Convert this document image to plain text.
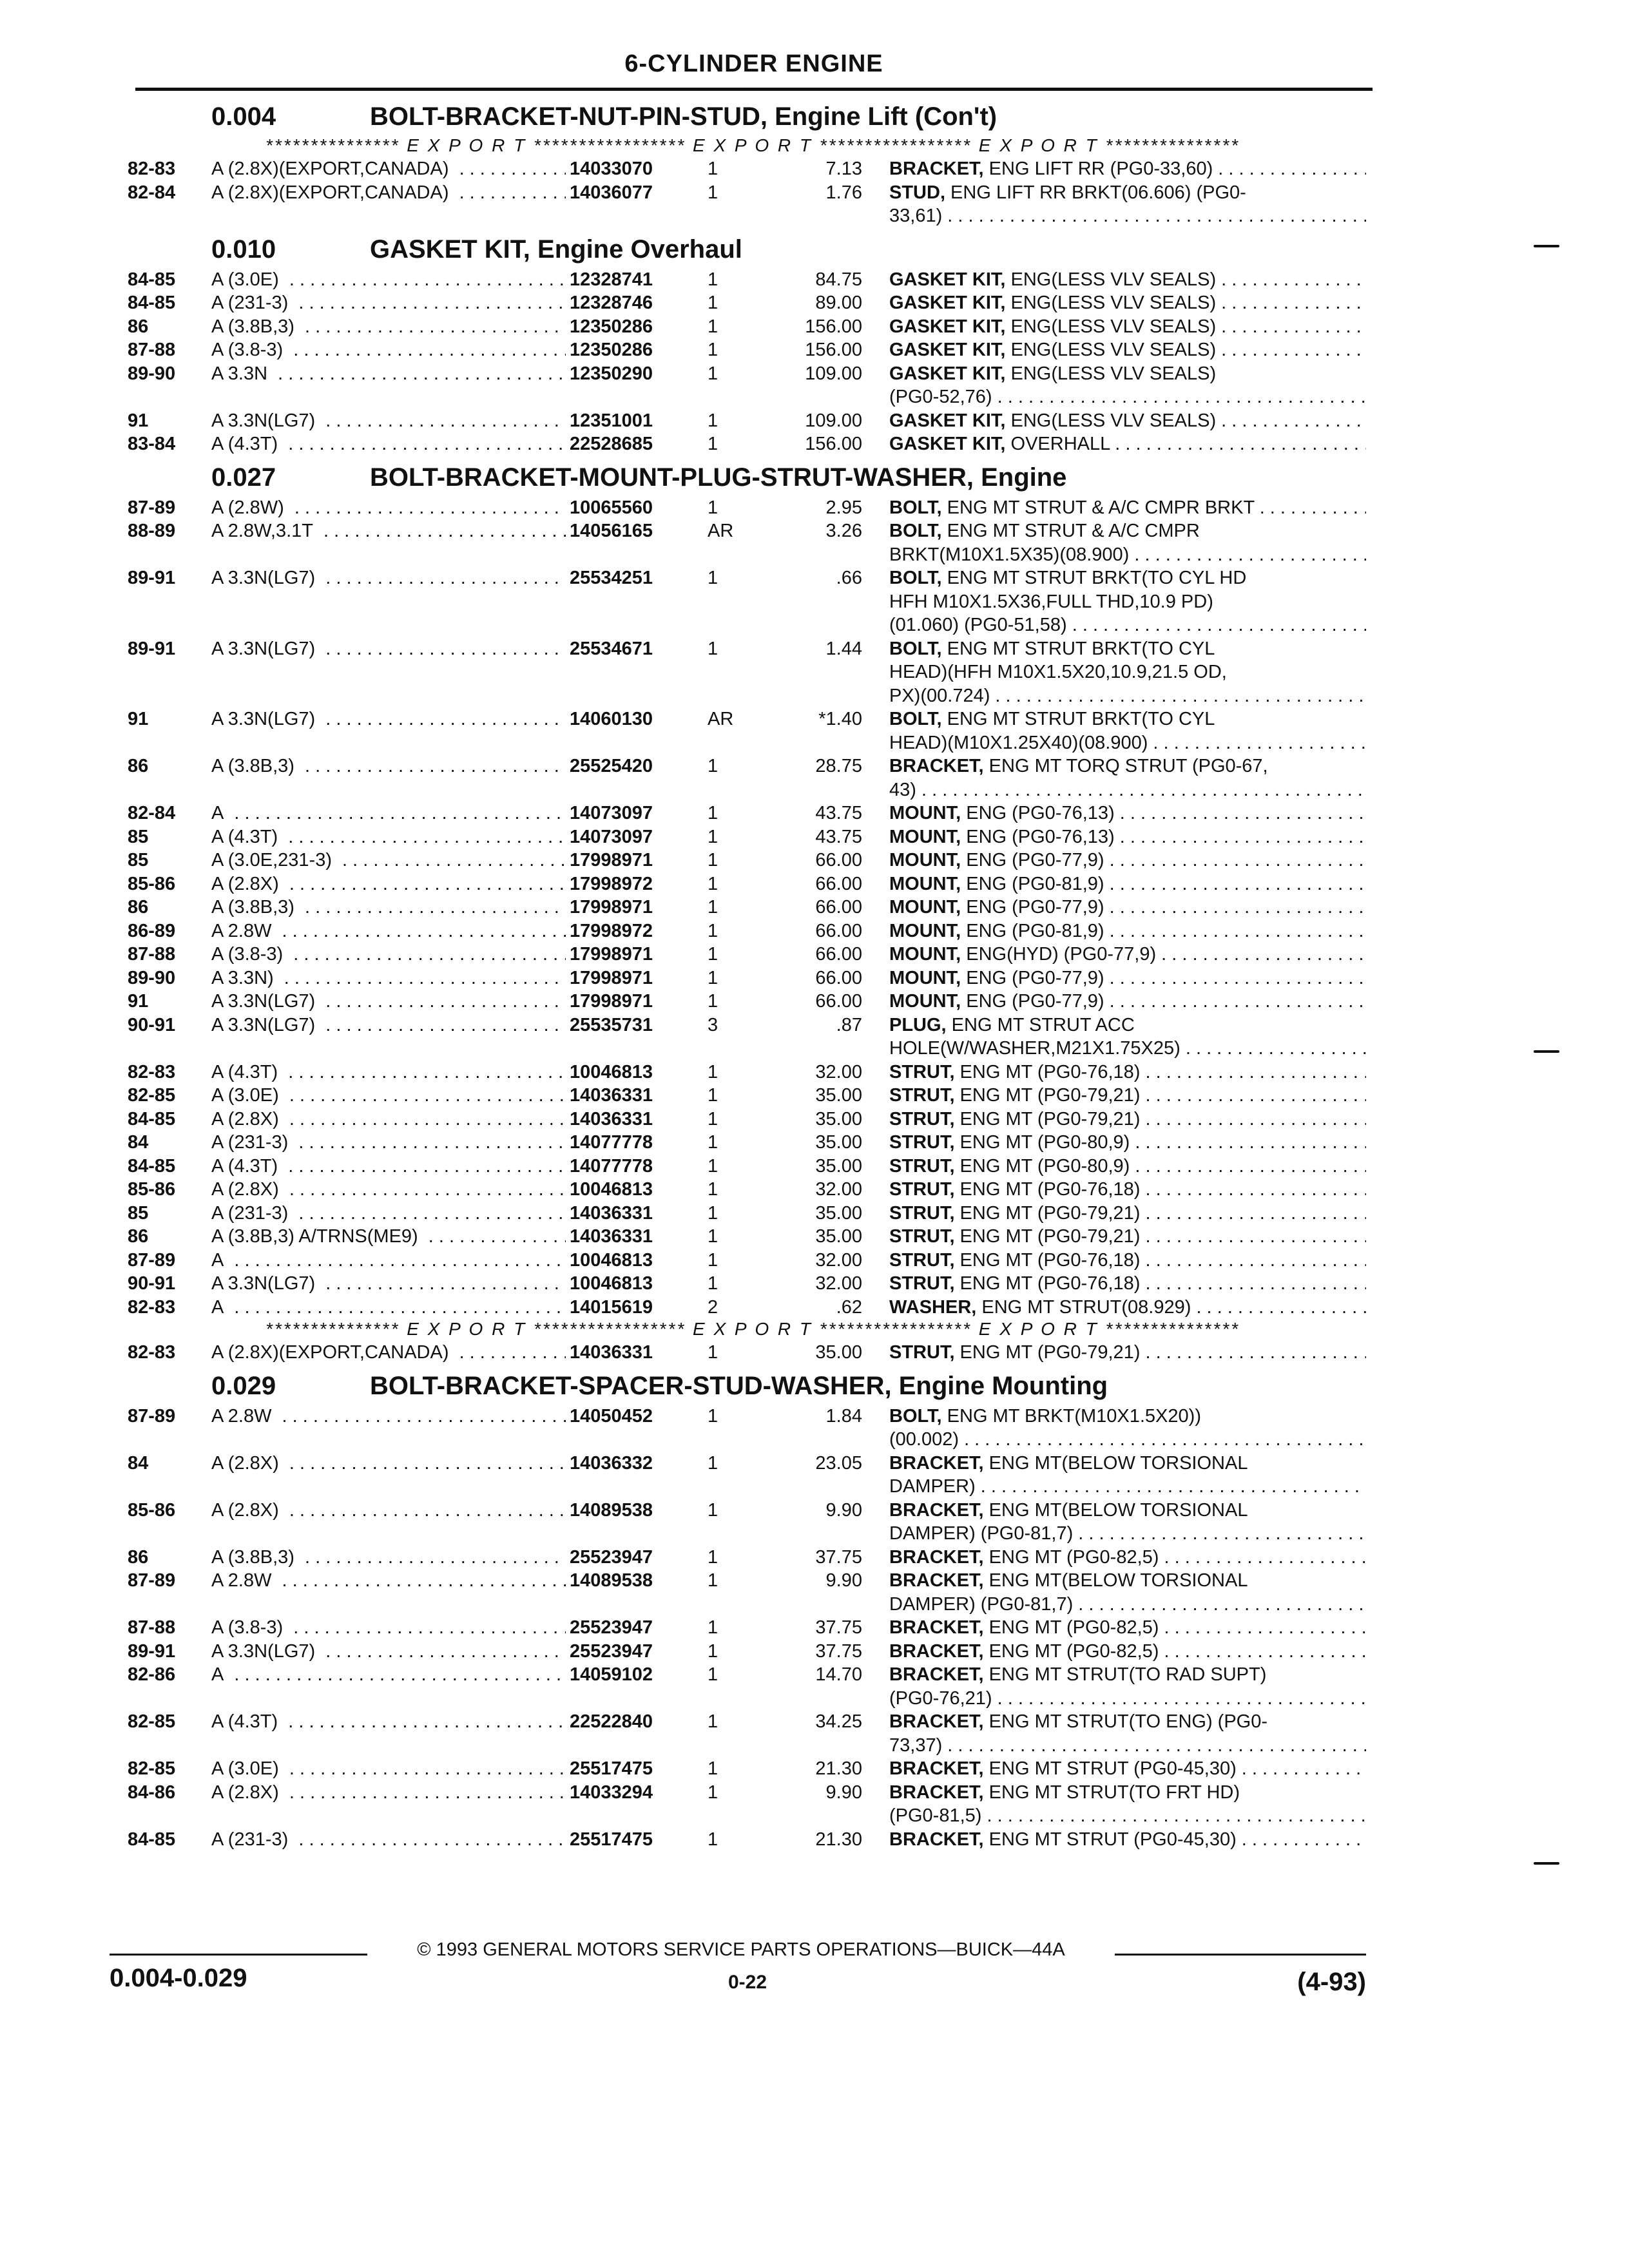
6-CYLINDER ENGINE
0.004	BOLT-BRACKET-NUT-PIN-STUD, Engine Lift (Con't)
*************** E X P O R T ***************** E X P O R T ***************** E X P O R T ***************
82-83 A (2.8X)(EXPORT,CANADA) . . .	14033070	1	7.13 BRACKET, ENG LIFT RR (PG0-33,60) . . .
82-84 A (2.8X)(EXPORT,CANADA) . . .	14036077	1	1.76 STUD, ENG LIFT RR BRKT(06.606) (PG0-
33,61) . . .
0.010	GASKET KIT, Engine Overhaul
84-85 A (3.0E) . . .	12328741	1	84.75 GASKET KIT, ENG(LESS VLV SEALS) . . .
84-85 A (231-3) . . .	12328746	1	89.00 GASKET KIT, ENG(LESS VLV SEALS) . . .
86	A (3.8B,3) . . .	12350286	1	156.00 GASKET KIT, ENG(LESS VLV SEALS) . . .
87-88 A (3.8-3) . . .	12350286	1	156.00 GASKET KIT, ENG(LESS VLV SEALS) . . .
89-90 A 3.3N . . .	12350290	1	109.00 GASKET KIT, ENG(LESS VLV SEALS)
(PG0-52,76) . . .
91	A 3.3N(LG7) . . .	12351001	1	109.00 GASKET KIT, ENG(LESS VLV SEALS) . . .
83-84 A (4.3T) . . .	22528685	1	156.00 GASKET KIT, OVERHALL . . .
0.027	BOLT-BRACKET-MOUNT-PLUG-STRUT-WASHER, Engine
87-89 A (2.8W) . . .	10065560	1	2.95 BOLT, ENG MT STRUT & A/C CMPR BRKT . . .
88-89 A 2.8W,3.1T . . .	14056165	AR	3.26 BOLT, ENG MT STRUT & A/C CMPR
BRKT(M10X1.5X35)(08.900) . . .
89-91 A 3.3N(LG7) . . .	25534251	1	.66 BOLT, ENG MT STRUT BRKT(TO CYL HD
HFH M10X1.5X36,FULL THD,10.9 PD)
(01.060) (PG0-51,58) . . .
89-91 A 3.3N(LG7) . . .	25534671	1	1.44 BOLT, ENG MT STRUT BRKT(TO CYL
HEAD)(HFH M10X1.5X20,10.9,21.5 OD,
PX)(00.724) . . .
91	A 3.3N(LG7) . . .	14060130	AR	*1.40 BOLT, ENG MT STRUT BRKT(TO CYL
HEAD)(M10X1.25X40)(08.900) . . .
86	A (3.8B,3) . . .	25525420	1	28.75 BRACKET, ENG MT TORQ STRUT (PG0-67,
43) . . .
82-84 A . . .	14073097	1	43.75 MOUNT, ENG (PG0-76,13) . . .
85	A (4.3T) . . .	14073097	1	43.75 MOUNT, ENG (PG0-76,13) . . .
85	A (3.0E,231-3) . . .	17998971	1	66.00 MOUNT, ENG (PG0-77,9) . . .
85-86 A (2.8X) . . .	17998972	1	66.00 MOUNT, ENG (PG0-81,9) . . .
86	A (3.8B,3) . . .	17998971	1	66.00 MOUNT, ENG (PG0-77,9) . . .
86-89 A 2.8W . . .	17998972	1	66.00 MOUNT, ENG (PG0-81,9) . . .
87-88 A (3.8-3) . . .	17998971	1	66.00 MOUNT, ENG(HYD) (PG0-77,9) . . .
89-90 A 3.3N) . . .	17998971	1	66.00 MOUNT, ENG (PG0-77,9) . . .
91	A 3.3N(LG7) . . .	17998971	1	66.00 MOUNT, ENG (PG0-77,9) . . .
90-91 A 3.3N(LG7) . . .	25535731	3	.87 PLUG, ENG MT STRUT ACC
HOLE(W/WASHER,M21X1.75X25) . . .
82-83 A (4.3T) . . .	10046813	1	32.00 STRUT, ENG MT (PG0-76,18) . . .
82-85 A (3.0E) . . .	14036331	1	35.00 STRUT, ENG MT (PG0-79,21) . . .
84-85 A (2.8X) . . .	14036331	1	35.00 STRUT, ENG MT (PG0-79,21) . . .
84	A (231-3) . . .	14077778	1	35.00 STRUT, ENG MT (PG0-80,9) . . .
84-85 A (4.3T) . . .	14077778	1	35.00 STRUT, ENG MT (PG0-80,9) . . .
85-86 A (2.8X) . . .	10046813	1	32.00 STRUT, ENG MT (PG0-76,18) . . .
85	A (231-3) . . .	14036331	1	35.00 STRUT, ENG MT (PG0-79,21) . . .
86	A (3.8B,3) A/TRNS(ME9) . . .	14036331	1	35.00 STRUT, ENG MT (PG0-79,21) . . .
87-89 A . . .	10046813	1	32.00 STRUT, ENG MT (PG0-76,18) . . .
90-91 A 3.3N(LG7) . . .	10046813	1	32.00 STRUT, ENG MT (PG0-76,18) . . .
82-83 A . . .	14015619	2	.62 WASHER, ENG MT STRUT(08.929) . . .
*************** E X P O R T ***************** E X P O R T ***************** E X P O R T ***************
82-83 A (2.8X)(EXPORT,CANADA) . . .	14036331	1	35.00 STRUT, ENG MT (PG0-79,21) . . .
0.029	BOLT-BRACKET-SPACER-STUD-WASHER, Engine Mounting
87-89 A 2.8W . . .	14050452	1	1.84 BOLT, ENG MT BRKT(M10X1.5X20))
(00.002) . . .
84	A (2.8X) . . .	14036332	1	23.05 BRACKET, ENG MT(BELOW TORSIONAL
DAMPER) . . .
85-86 A (2.8X) . . .	14089538	1	9.90 BRACKET, ENG MT(BELOW TORSIONAL
DAMPER) (PG0-81,7) . . .
86	A (3.8B,3) . . .	25523947	1	37.75 BRACKET, ENG MT (PG0-82,5) . . .
87-89 A 2.8W . . .	14089538	1	9.90 BRACKET, ENG MT(BELOW TORSIONAL
DAMPER) (PG0-81,7) . . .
87-88 A (3.8-3) . . .	25523947	1	37.75 BRACKET, ENG MT (PG0-82,5) . . .
89-91 A 3.3N(LG7) . . .	25523947	1	37.75 BRACKET, ENG MT (PG0-82,5) . . .
82-86 A . . .	14059102	1	14.70 BRACKET, ENG MT STRUT(TO RAD SUPT)
(PG0-76,21) . . .
82-85 A (4.3T) . . .	22522840	1	34.25 BRACKET, ENG MT STRUT(TO ENG) (PG0-
73,37) . . .
82-85 A (3.0E) . . .	25517475	1	21.30 BRACKET, ENG MT STRUT (PG0-45,30) . . .
84-86 A (2.8X) . . .	14033294	1	9.90 BRACKET, ENG MT STRUT(TO FRT HD)
(PG0-81,5) . . .
84-85 A (231-3) . . .	25517475	1	21.30 BRACKET, ENG MT STRUT (PG0-45,30) . . .
© 1993 GENERAL MOTORS SERVICE PARTS OPERATIONS—BUICK—44A
0.004-0.029	0-22	(4-93)
